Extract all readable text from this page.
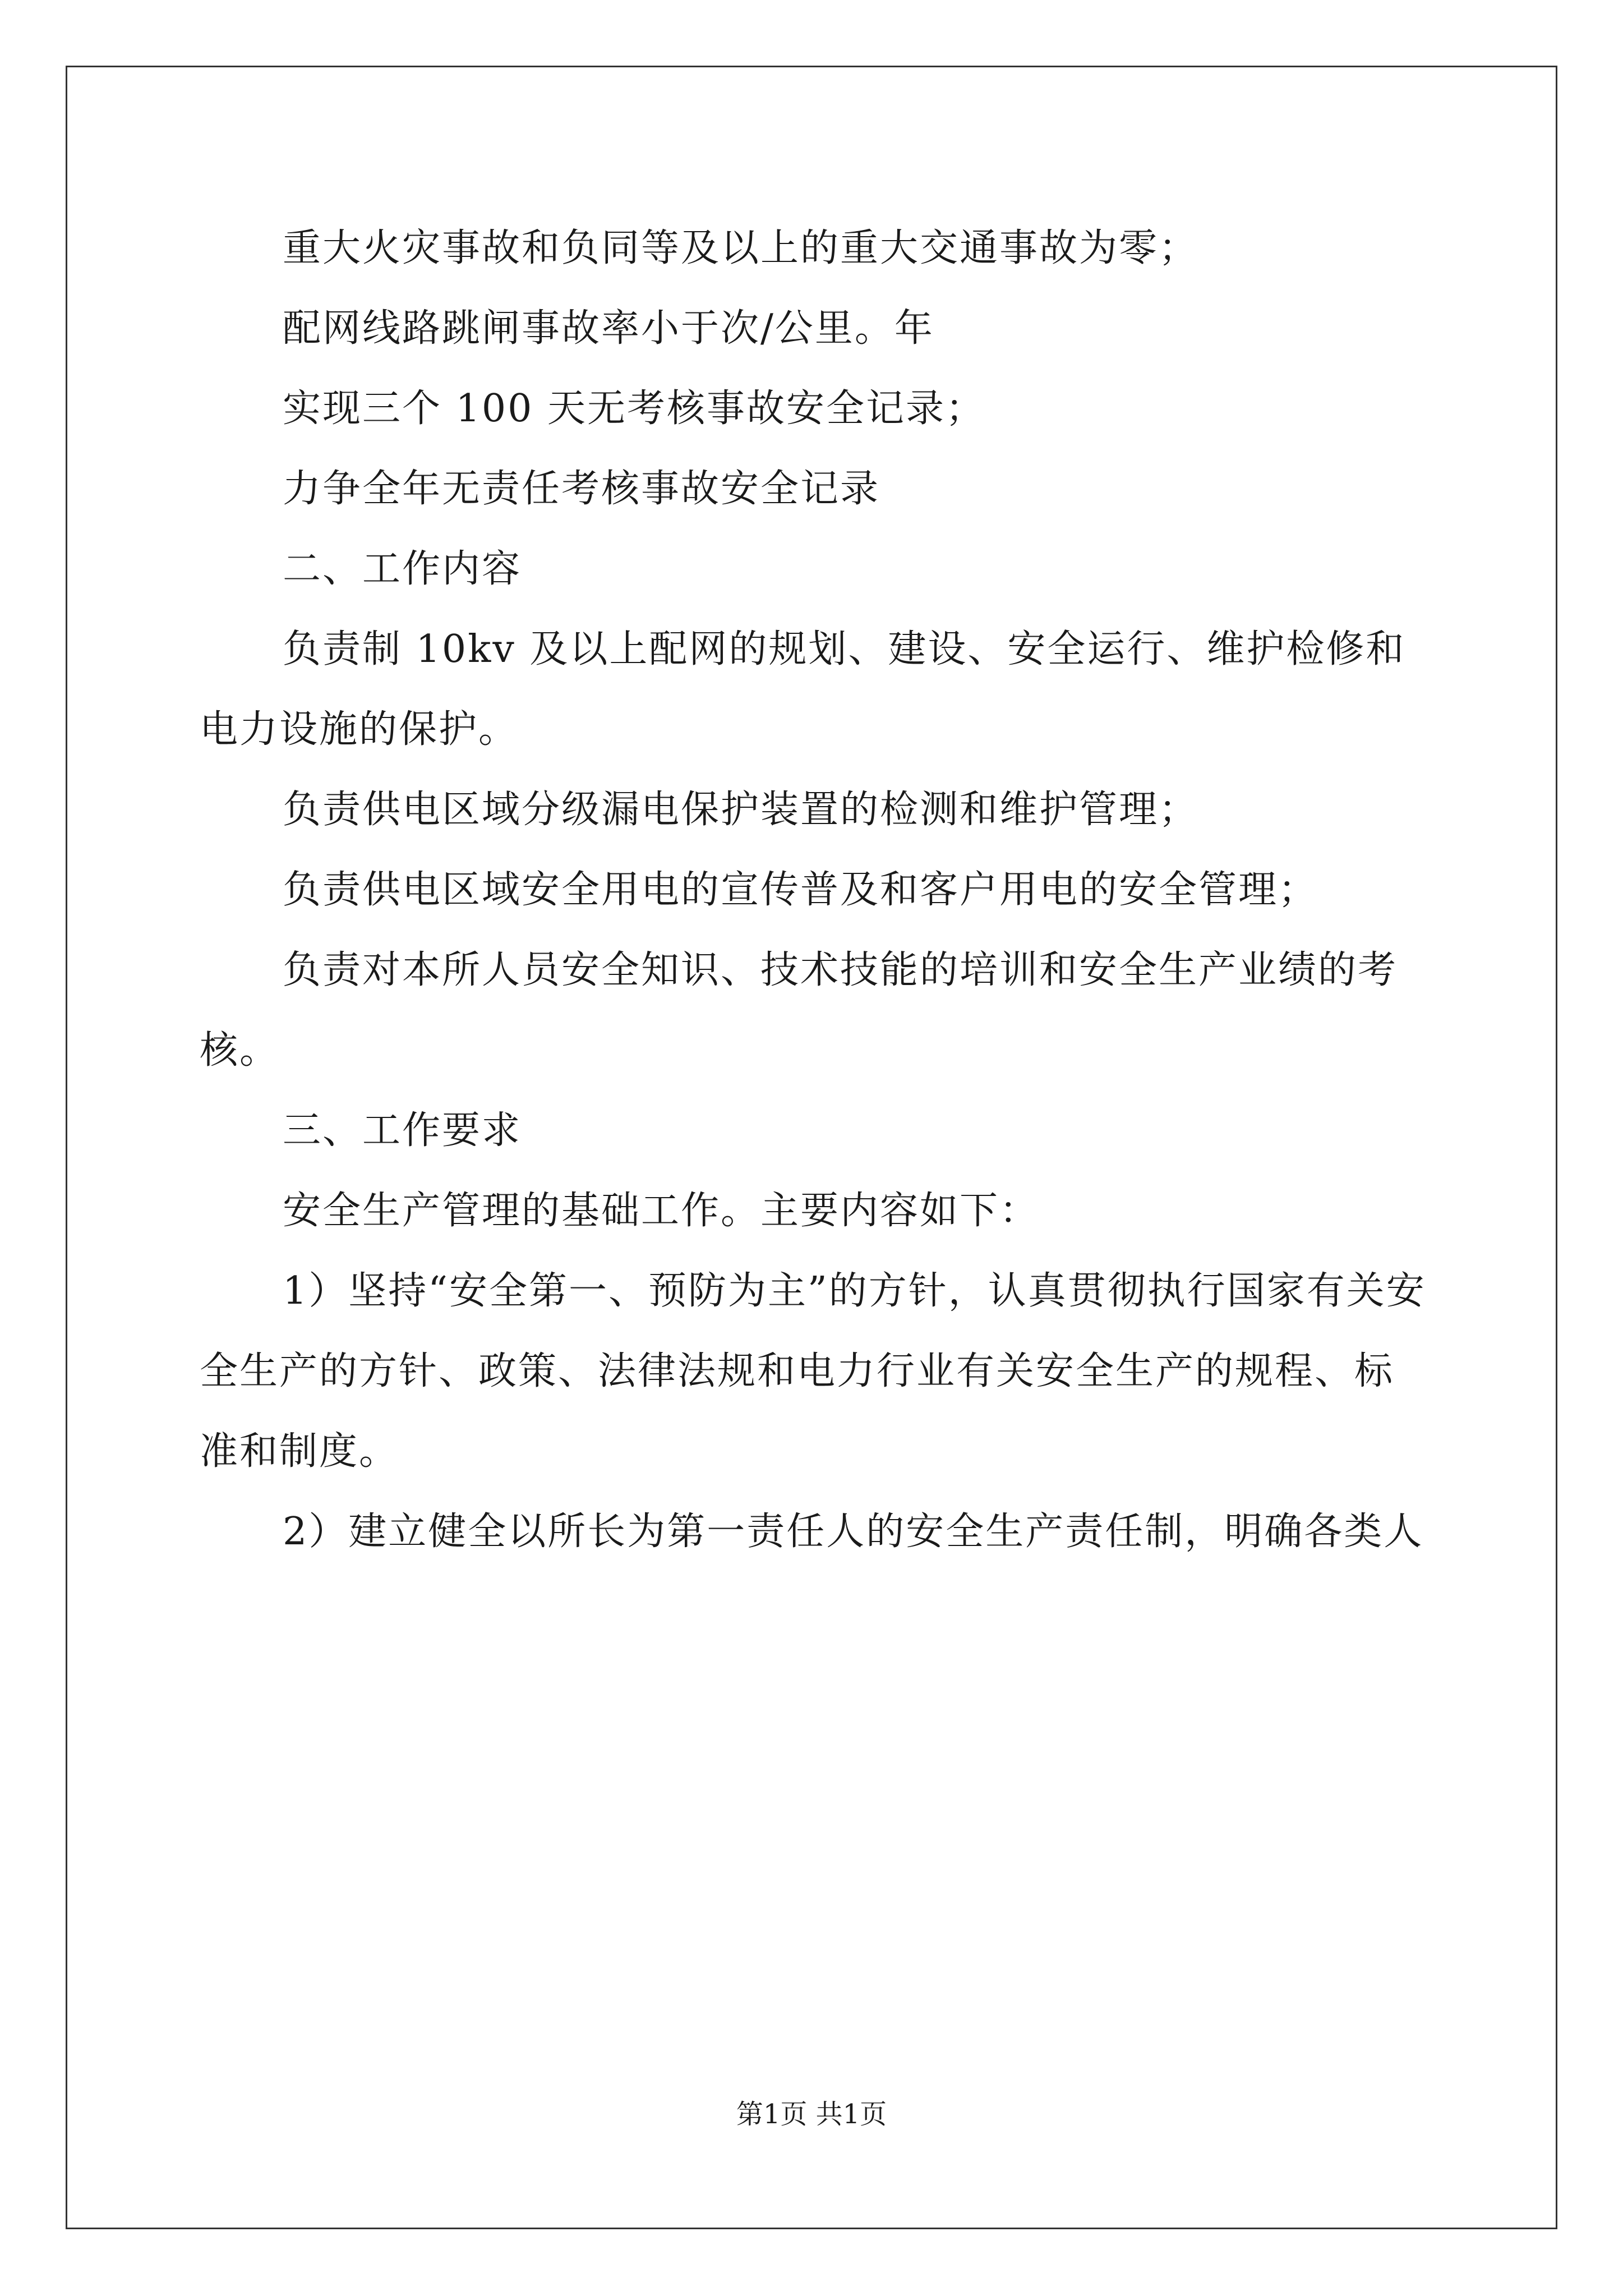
重大火灾事故和负同等及以上的重大交通事故为零；

配网线路跳闸事故率小于次/公里。年

实现三个 100 天无考核事故安全记录；

力争全年无责任考核事故安全记录

二、工作内容

负责制 10kv 及以上配网的规划、建设、安全运行、维护检修和电力设施的保护。

负责供电区域分级漏电保护装置的检测和维护管理；

负责供电区域安全用电的宣传普及和客户用电的安全管理；

负责对本所人员安全知识、技术技能的培训和安全生产业绩的考核。

三、工作要求

安全生产管理的基础工作。主要内容如下：

1）坚持“安全第一、预防为主”的方针，认真贯彻执行国家有关安全生产的方针、政策、法律法规和电力行业有关安全生产的规程、标准和制度。

2）建立健全以所长为第一责任人的安全生产责任制，明确各类人

第1页 共1页
